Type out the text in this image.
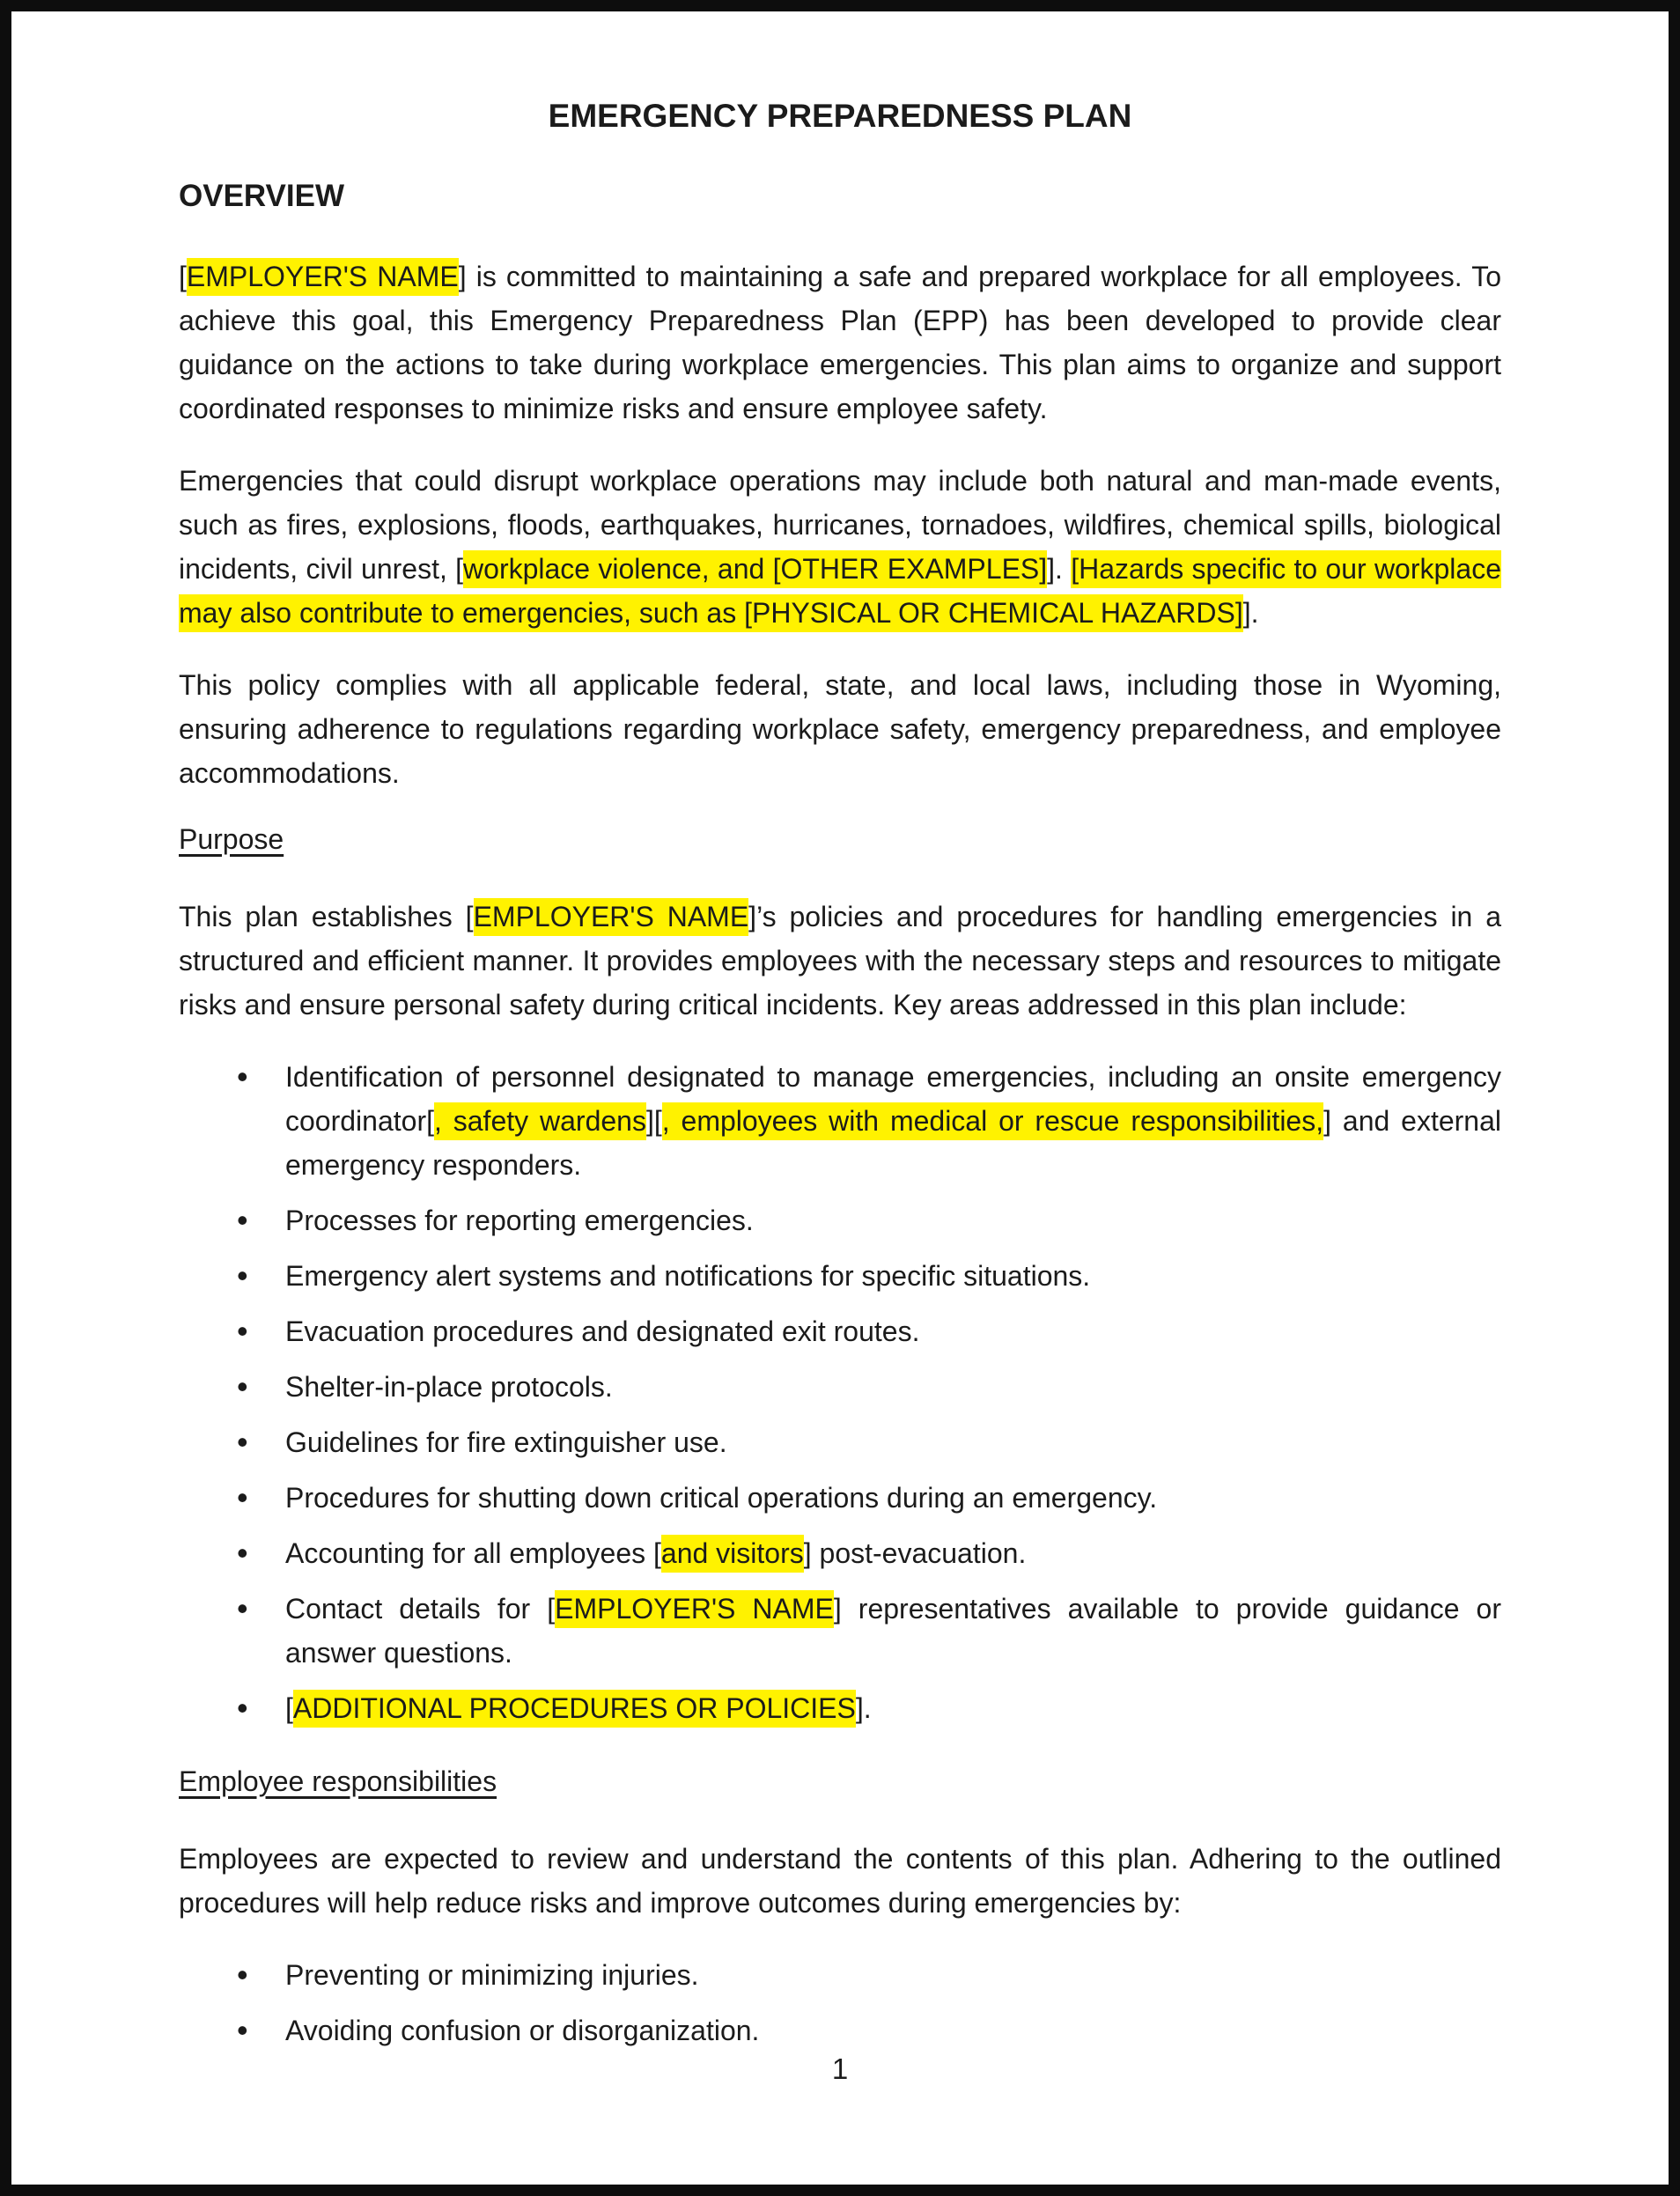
EMERGENCY PREPAREDNESS PLAN
OVERVIEW

[EMPLOYER'S NAME] is committed to maintaining a safe and prepared workplace for all employees. To achieve this goal, this Emergency Preparedness Plan (EPP) has been developed to provide clear guidance on the actions to take during workplace emergencies. This plan aims to organize and support coordinated responses to minimize risks and ensure employee safety.

Emergencies that could disrupt workplace operations may include both natural and man-made events, such as fires, explosions, floods, earthquakes, hurricanes, tornadoes, wildfires, chemical spills, biological incidents, civil unrest, [workplace violence, and [OTHER EXAMPLES]]. [Hazards specific to our workplace may also contribute to emergencies, such as [PHYSICAL OR CHEMICAL HAZARDS]].

This policy complies with all applicable federal, state, and local laws, including those in Wyoming, ensuring adherence to regulations regarding workplace safety, emergency preparedness, and employee accommodations.

Purpose

This plan establishes [EMPLOYER'S NAME]’s policies and procedures for handling emergencies in a structured and efficient manner. It provides employees with the necessary steps and resources to mitigate risks and ensure personal safety during critical incidents. Key areas addressed in this plan include:

• Identification of personnel designated to manage emergencies, including an onsite emergency coordinator[, safety wardens][, employees with medical or rescue responsibilities,] and external emergency responders.
• Processes for reporting emergencies.
• Emergency alert systems and notifications for specific situations.
• Evacuation procedures and designated exit routes.
• Shelter-in-place protocols.
• Guidelines for fire extinguisher use.
• Procedures for shutting down critical operations during an emergency.
• Accounting for all employees [and visitors] post-evacuation.
• Contact details for [EMPLOYER'S NAME] representatives available to provide guidance or answer questions.
• [ADDITIONAL PROCEDURES OR POLICIES].
Employee responsibilities

Employees are expected to review and understand the contents of this plan. Adhering to the outlined procedures will help reduce risks and improve outcomes during emergencies by:

• Preventing or minimizing injuries.
• Avoiding confusion or disorganization.
1
